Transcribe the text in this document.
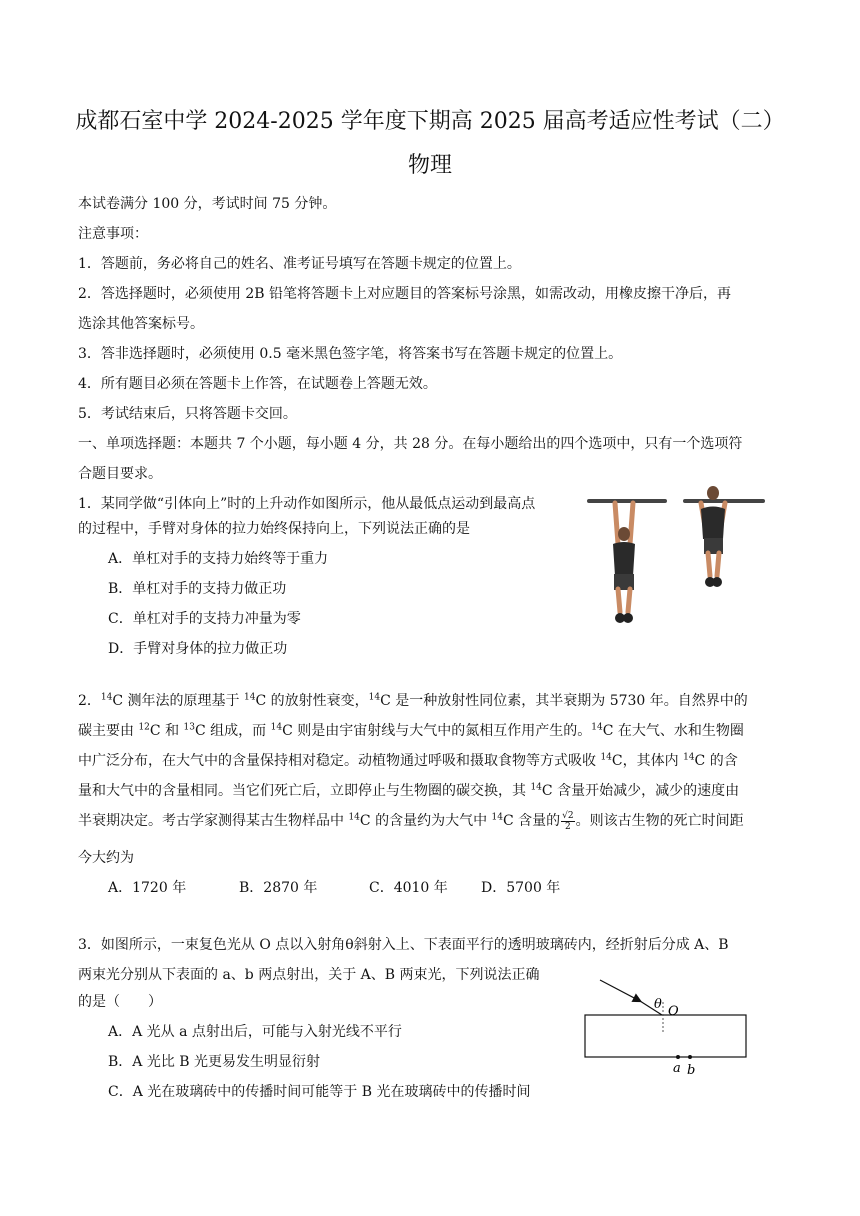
成都石室中学 2024-2025 学年度下期高 2025 届高考适应性考试（二）
物理
本试卷满分 100 分，考试时间 75 分钟。
注意事项：
1．答题前，务必将自己的姓名、准考证号填写在答题卡规定的位置上。
2．答选择题时，必须使用 2B 铅笔将答题卡上对应题目的答案标号涂黑，如需改动，用橡皮擦干净后，再
选涂其他答案标号。
3．答非选择题时，必须使用 0.5 毫米黑色签字笔，将答案书写在答题卡规定的位置上。
4．所有题目必须在答题卡上作答，在试题卷上答题无效。
5．考试结束后，只将答题卡交回。
一、单项选择题：本题共 7 个小题，每小题 4 分，共 28 分。在每小题给出的四个选项中，只有一个选项符
合题目要求。
1．某同学做“引体向上”时的上升动作如图所示，他从最低点运动到最高点
的过程中，手臂对身体的拉力始终保持向上，下列说法正确的是
A．单杠对手的支持力始终等于重力
B．单杠对手的支持力做正功
C．单杠对手的支持力冲量为零
D．手臂对身体的拉力做正功
2．$^{14}$C 测年法的原理基于 $^{14}$C 的放射性衰变，$^{14}$C 是一种放射性同位素，其半衰期为 5730 年。自然界中的
碳主要由 $^{12}$C 和 $^{13}$C 组成，而 $^{14}$C 则是由宇宙射线与大气中的氮相互作用产生的。$^{14}$C 在大气、水和生物圈
中广泛分布，在大气中的含量保持相对稳定。动植物通过呼吸和摄取食物等方式吸收 $^{14}$C，其体内 $^{14}$C 的含
量和大气中的含量相同。当它们死亡后，立即停止与生物圈的碳交换，其 $^{14}$C 含量开始减少，减少的速度由
半衰期决定。考古学家测得某古生物样品中 $^{14}$C 的含量约为大气中 $^{14}$C 含量的 $\frac{√2}{2}$ 。则该古生物的死亡时间距
今大约为
A．1720 年	B．2870 年	C．4010 年 D．5700 年
3．如图所示，一束复色光从 O 点以入射角θ斜射入上、下表面平行的透明玻璃砖内，经折射后分成 A、B
两束光分别从下表面的 a、b 两点射出，关于 A、B 两束光，下列说法正确
的是（　　）
A．A 光从 a 点射出后，可能与入射光线不平行
B．A 光比 B 光更易发生明显衍射
C．A 光在玻璃砖中的传播时间可能等于 B 光在玻璃砖中的传播时间
θ O
a b
